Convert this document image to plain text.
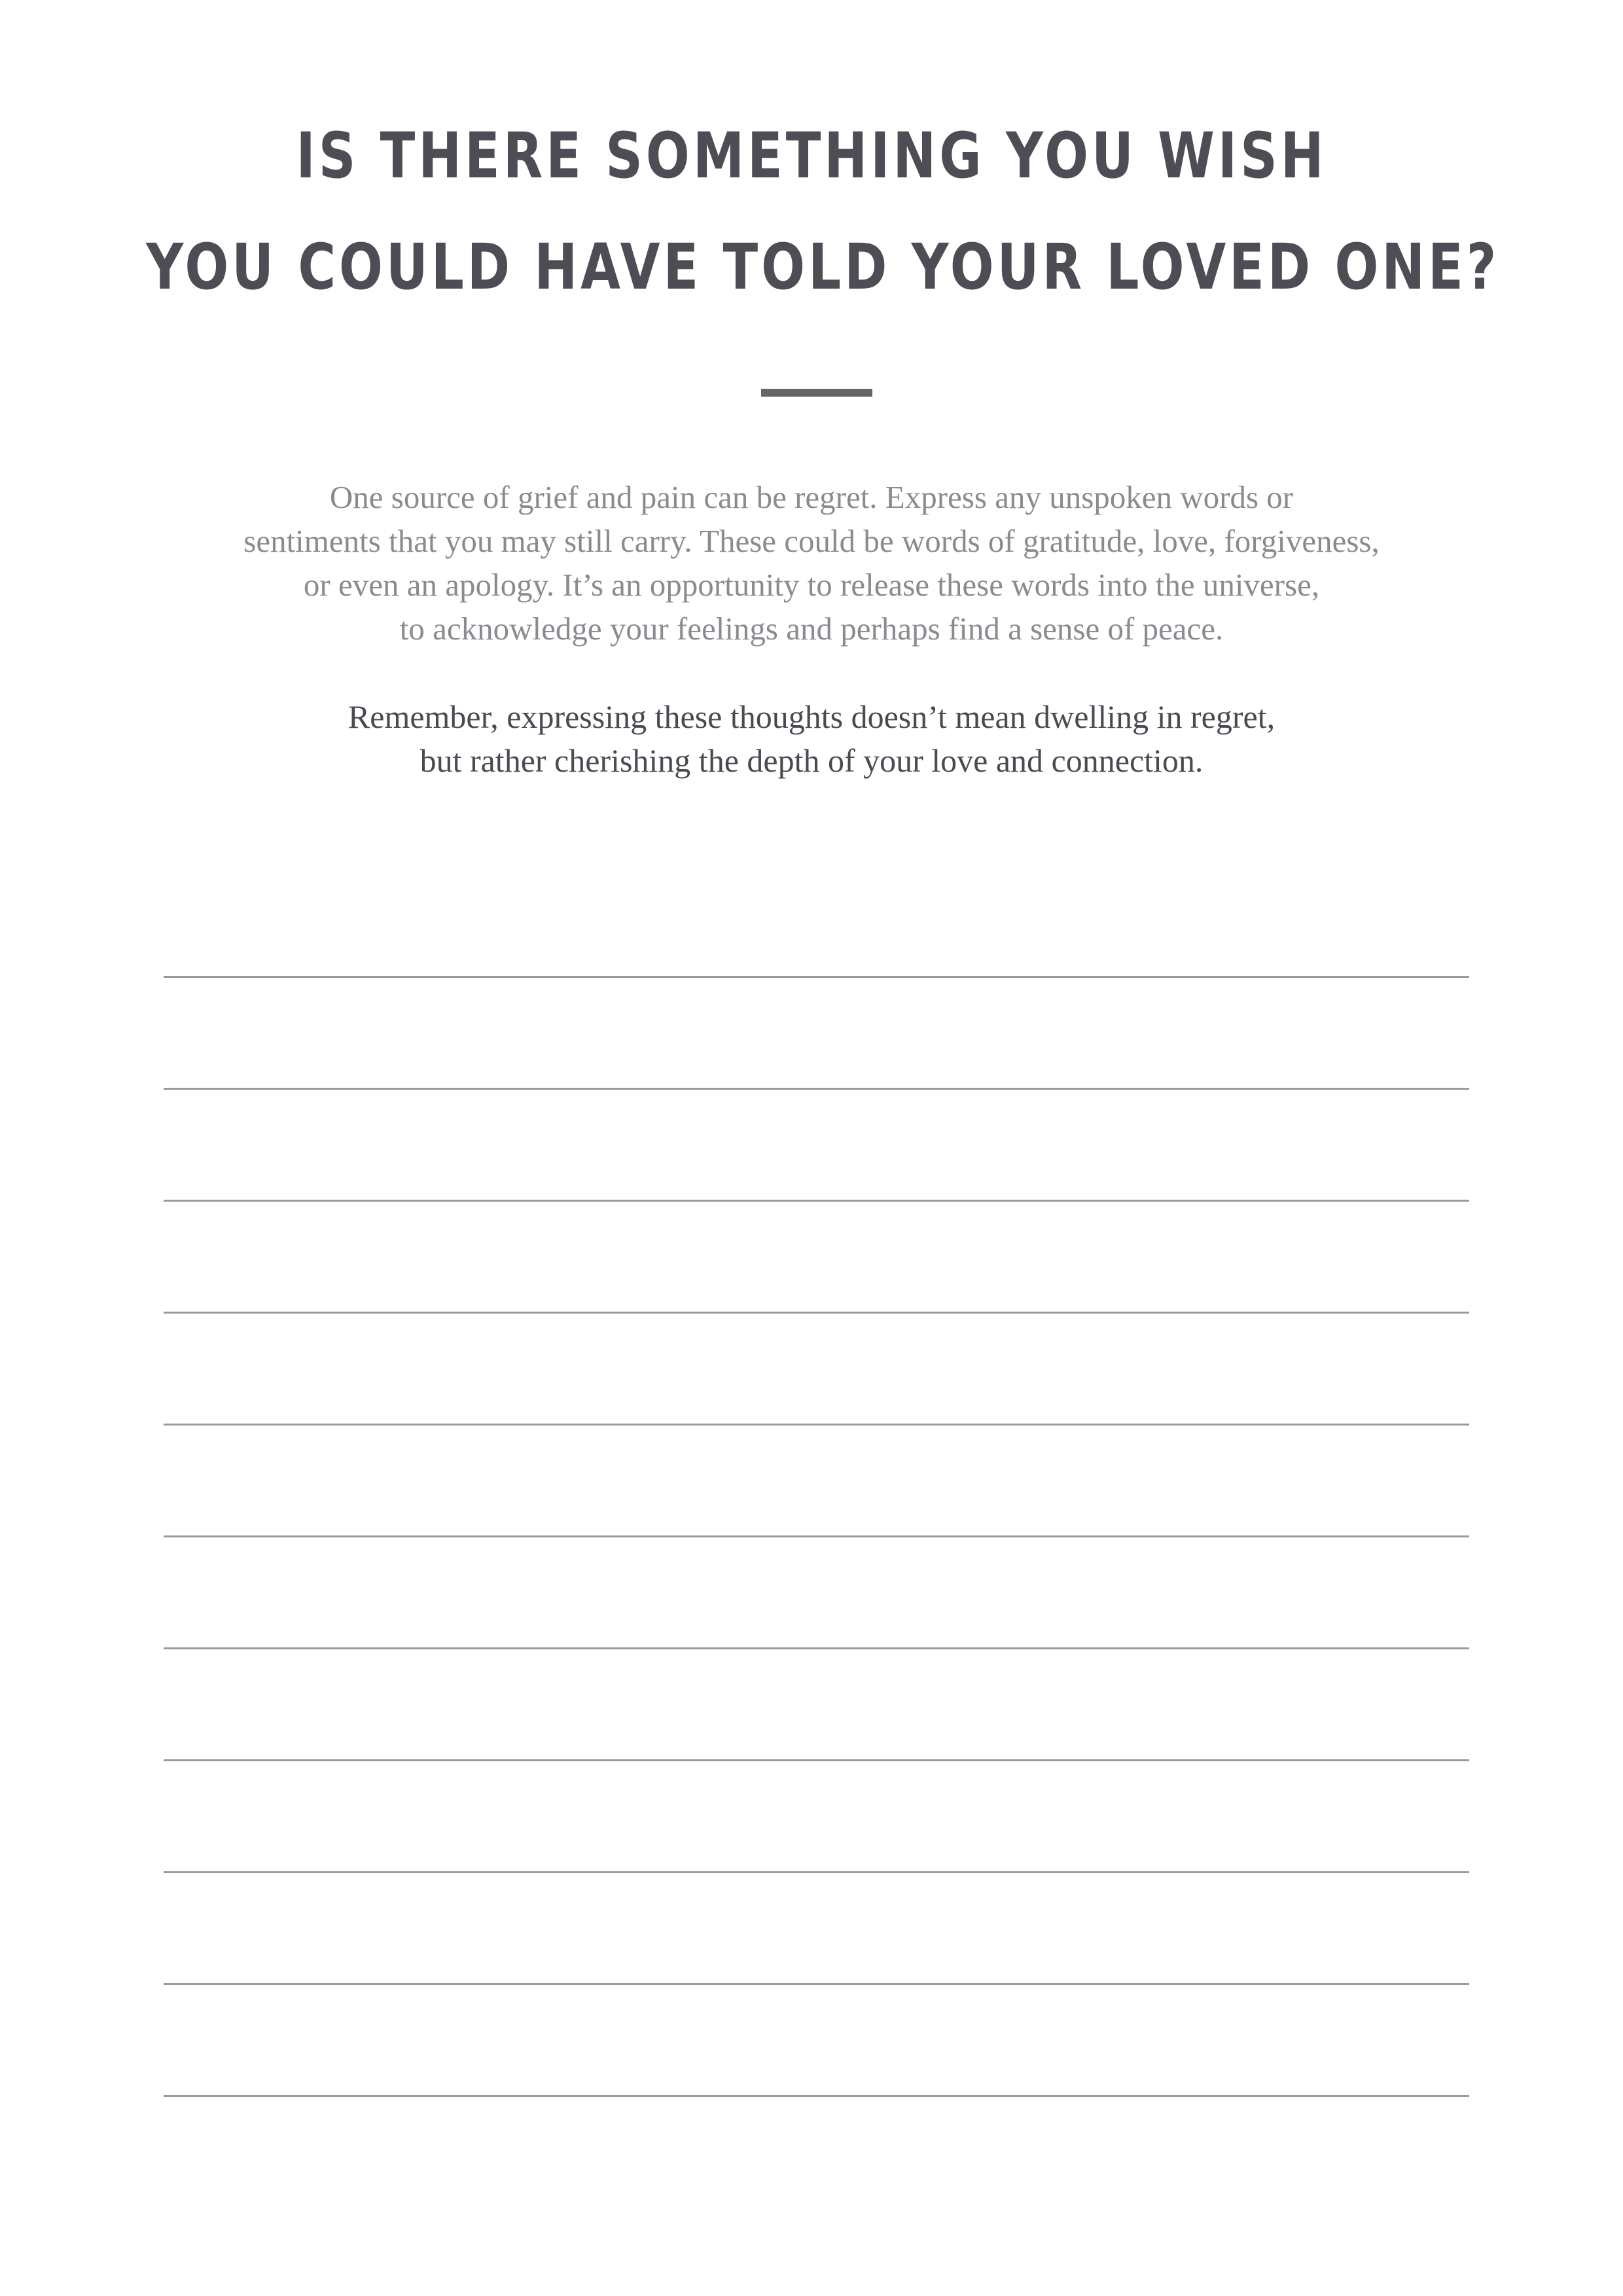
IS THERE SOMETHING YOU WISH
YOU COULD HAVE TOLD YOUR LOVED ONE?
One source of grief and pain can be regret. Express any unspoken words or
sentiments that you may still carry. These could be words of gratitude, love, forgiveness,
or even an apology. It’s an opportunity to release these words into the universe,
to acknowledge your feelings and perhaps find a sense of peace.
Remember, expressing these thoughts doesn’t mean dwelling in regret,
but rather cherishing the depth of your love and connection.
